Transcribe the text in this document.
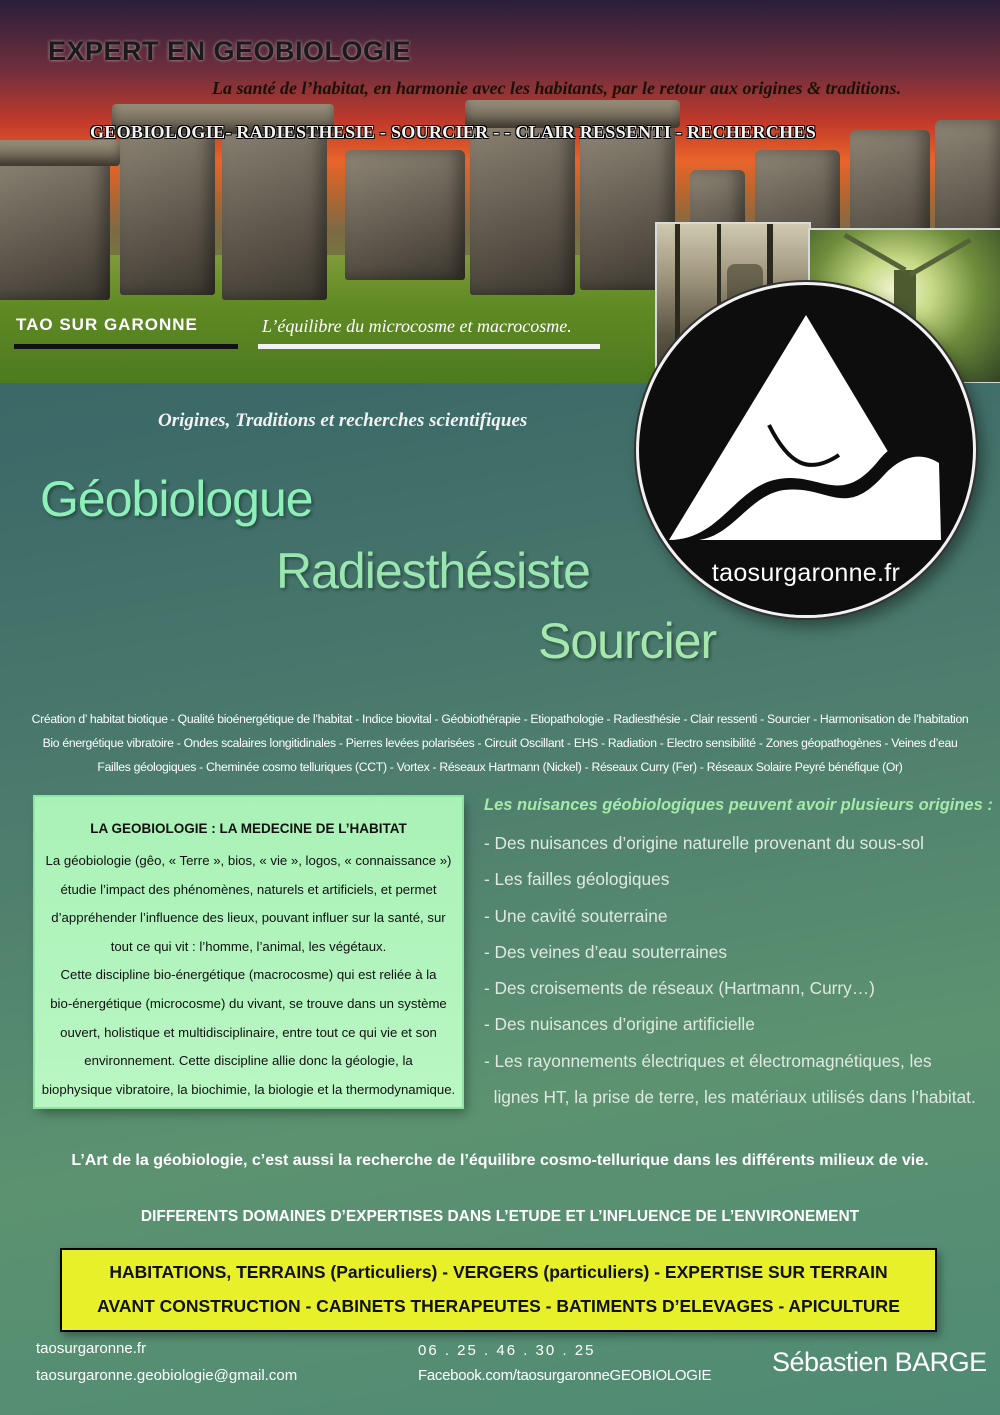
EXPERT EN GEOBIOLOGIE
La santé de l’habitat, en harmonie avec les habitants, par le retour aux origines & traditions.
GEOBIOLOGIE- RADIESTHESIE - SOURCIER - - CLAIR RESSENTI - RECHERCHES
TAO SUR GARONNE	L’équilibre du microcosme et macrocosme.
taosurgaronne.fr
Origines, Traditions et recherches scientifiques
Géobiologue
Radiesthésiste
Sourcier
Création d’ habitat biotique - Qualité bioénergétique de l’habitat - Indice biovital - Géobiothérapie - Etiopathologie - Radiesthésie - Clair ressenti - Sourcier - Harmonisation de l’habitation
Bio énergétique vibratoire - Ondes scalaires longitidinales - Pierres levées polarisées - Circuit Oscillant - EHS - Radiation - Electro sensibilité - Zones géopathogènes - Veines d’eau
Failles géologiques - Cheminée cosmo telluriques (CCT) - Vortex - Réseaux Hartmann (Nickel) - Réseaux Curry (Fer) - Réseaux Solaire Peyré bénéfique (Or)
LA GEOBIOLOGIE : LA MEDECINE DE L’HABITAT
La géobiologie (gêo, « Terre », bios, « vie », logos, « connaissance »)
étudie l’impact des phénomènes, naturels et artificiels, et permet
d’appréhender l’influence des lieux, pouvant influer sur la santé, sur
tout ce qui vit : l’homme, l’animal, les végétaux.
Cette discipline bio-énergétique (macrocosme) qui est reliée à la
bio-énergétique (microcosme) du vivant, se trouve dans un système
ouvert, holistique et multidisciplinaire, entre tout ce qui vie et son
environnement. Cette discipline allie donc la géologie, la
biophysique vibratoire, la biochimie, la biologie et la thermodynamique.
Les nuisances géobiologiques peuvent avoir plusieurs origines :
- Des nuisances d’origine naturelle provenant du sous-sol
- Les failles géologiques
- Une cavité souterraine
- Des veines d’eau souterraines
- Des croisements de réseaux (Hartmann, Curry…)
- Des nuisances d’origine artificielle
- Les rayonnements électriques et électromagnétiques, les
lignes HT, la prise de terre, les matériaux utilisés dans l’habitat.
L’Art de la géobiologie, c’est aussi la recherche de l’équilibre cosmo-tellurique dans les différents milieux de vie.
DIFFERENTS DOMAINES D’EXPERTISES DANS L’ETUDE ET L’INFLUENCE DE L’ENVIRONEMENT
HABITATIONS, TERRAINS (Particuliers) - VERGERS (particuliers) - EXPERTISE SUR TERRAIN
AVANT CONSTRUCTION - CABINETS THERAPEUTES - BATIMENTS D’ELEVAGES - APICULTURE
taosurgaronne.fr
taosurgaronne.geobiologie@gmail.com
06 . 25 . 46 . 30 . 25
Facebook.com/taosurgaronneGEOBIOLOGIE Sébastien BARGE
